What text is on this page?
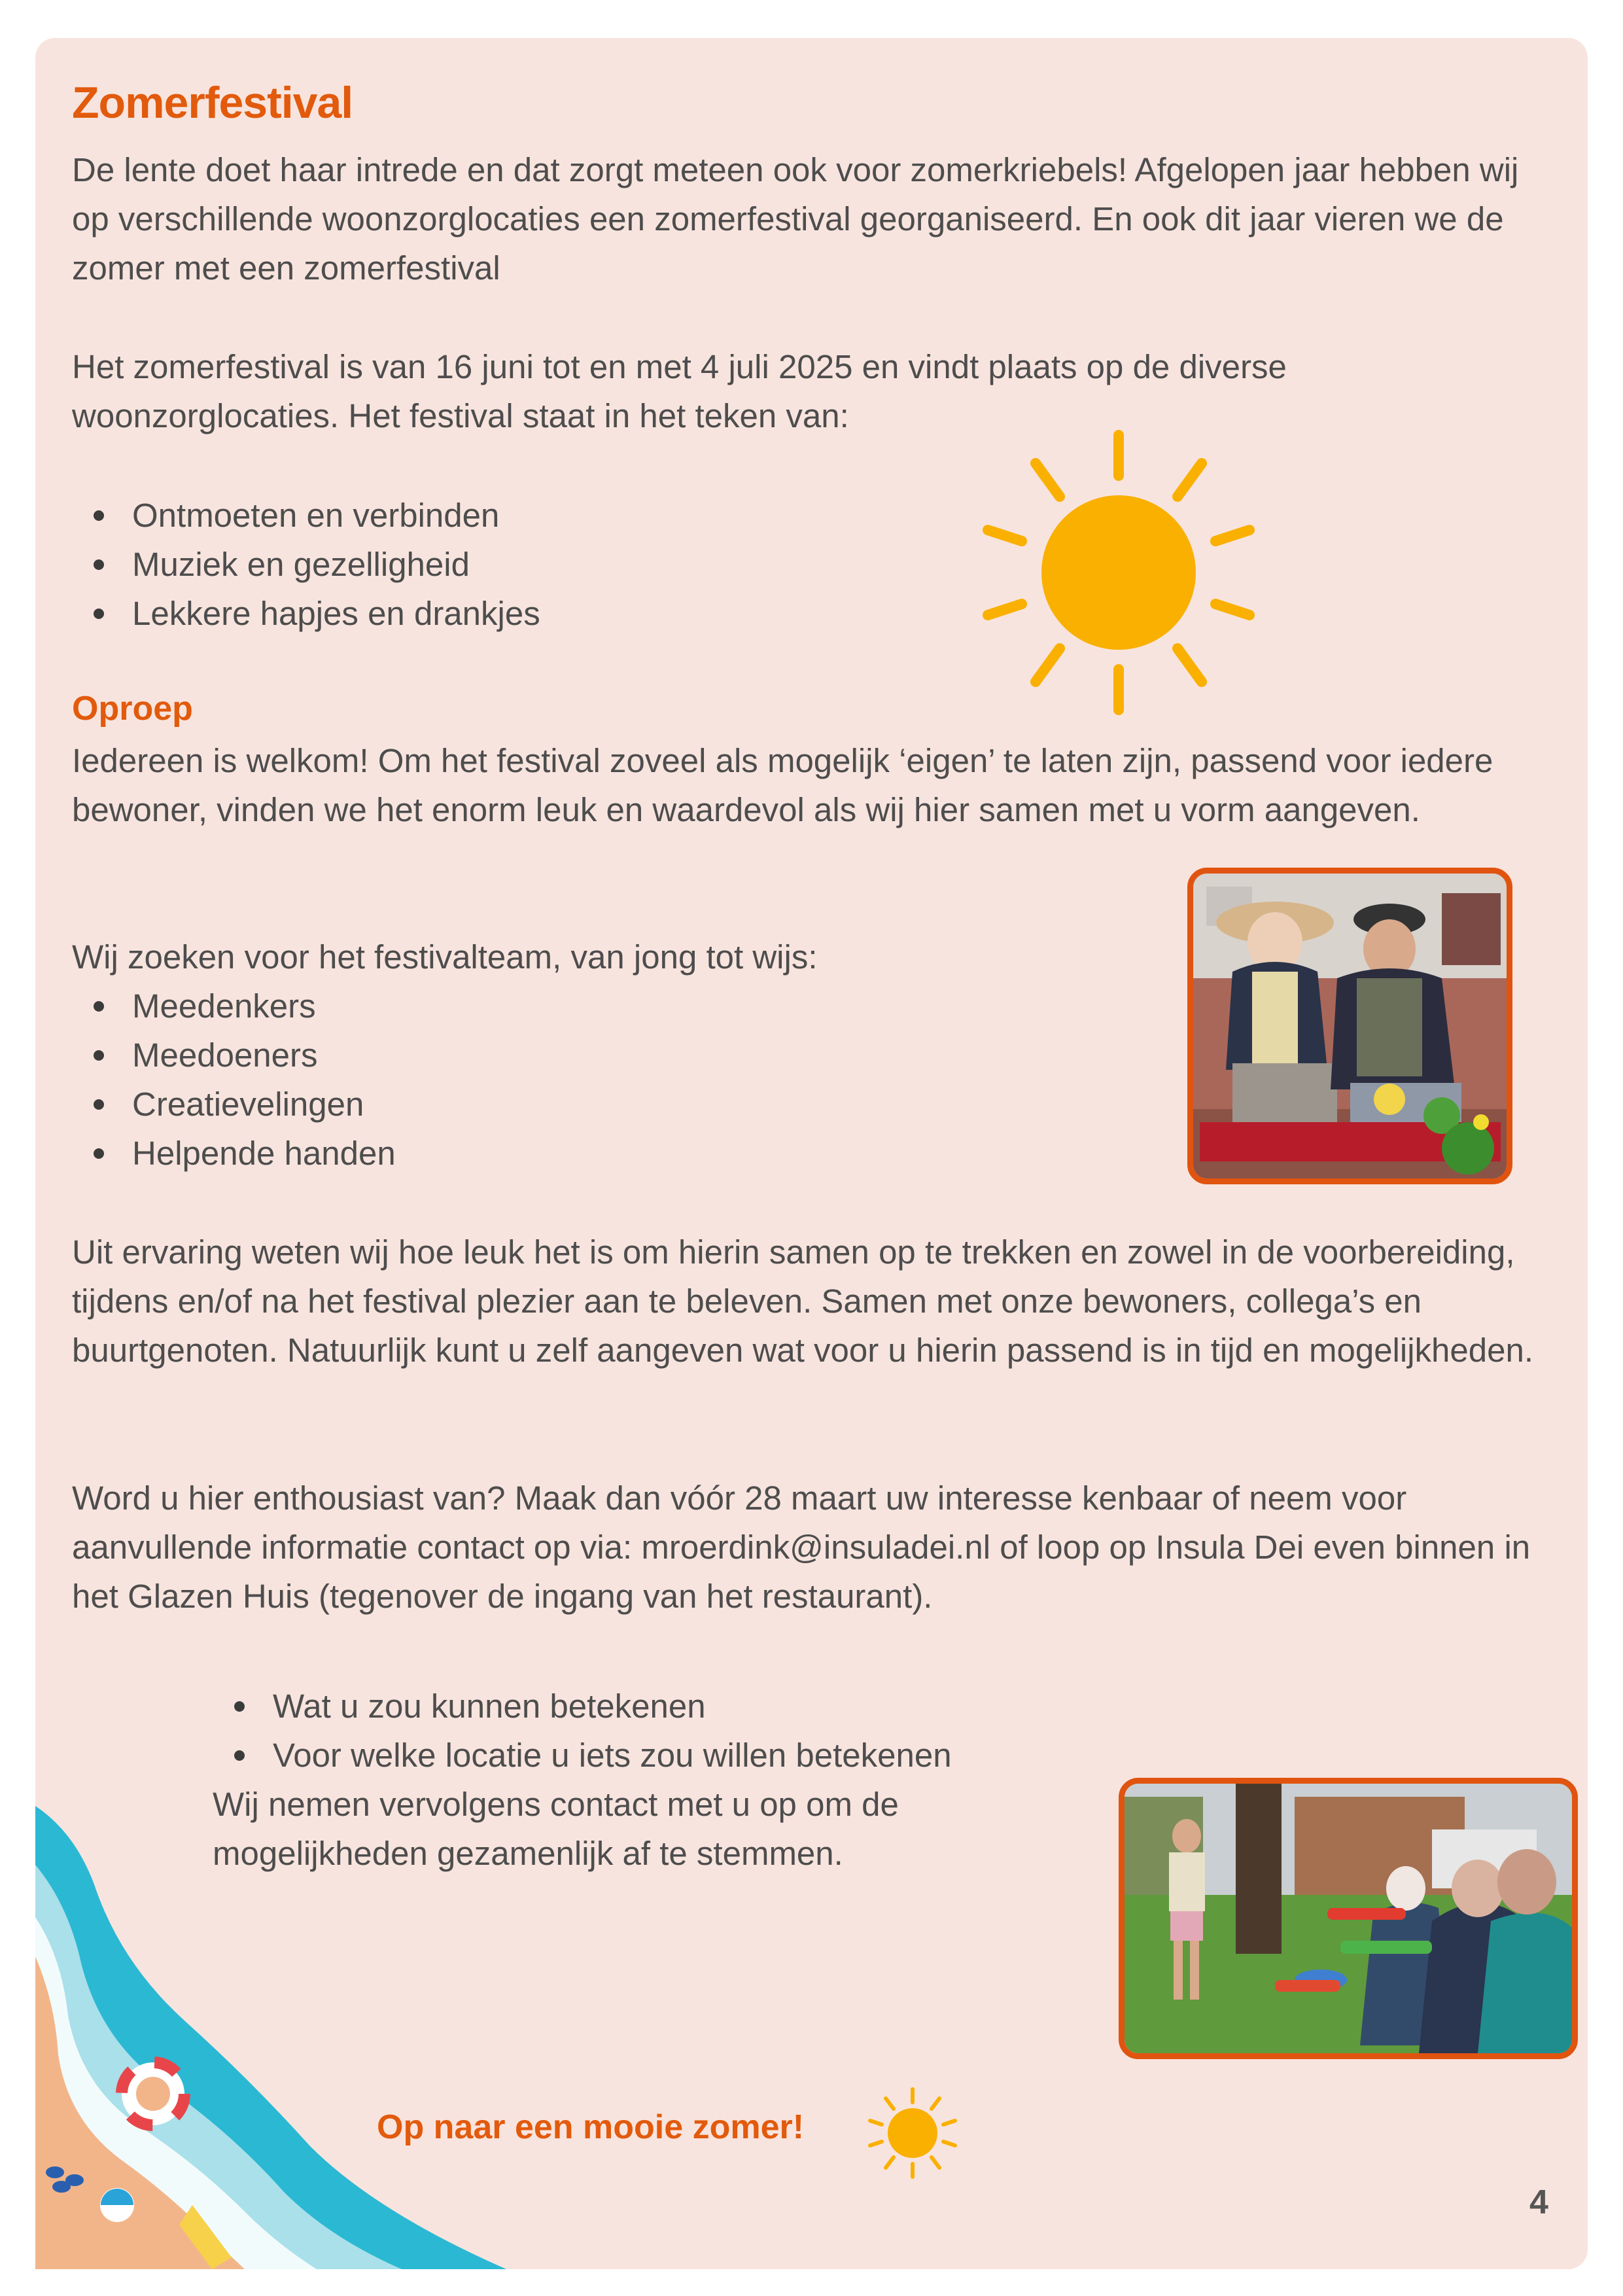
Zomerfestival

De lente doet haar intrede en dat zorgt meteen ook voor zomerkriebels! Afgelopen jaar hebben wij op verschillende woonzorglocaties een zomerfestival georganiseerd. En ook dit jaar vieren we de zomer met een zomerfestival

Het zomerfestival is van 16 juni tot en met 4 juli 2025 en vindt plaats op de diverse woonzorglocaties. Het festival staat in het teken van:

Ontmoeten en verbinden
Muziek en gezelligheid
Lekkere hapjes en drankjes
Oproep

Iedereen is welkom! Om het festival zoveel als mogelijk ‘eigen’ te laten zijn, passend voor iedere bewoner, vinden we het enorm leuk en waardevol als wij hier samen met u vorm aangeven.

Wij zoeken voor het festivalteam, van jong tot wijs:

Meedenkers
Meedoeners
Creatievelingen
Helpende handen

Uit ervaring weten wij hoe leuk het is om hierin samen op te trekken en zowel in de voorbereiding, tijdens en/of na het festival plezier aan te beleven. Samen met onze bewoners, collega’s en buurtgenoten. Natuurlijk kunt u zelf aangeven wat voor u hierin passend is in tijd en mogelijkheden.

Word u hier enthousiast van? Maak dan vóór 28 maart uw interesse kenbaar of neem voor aanvullende informatie contact op via: mroerdink@insuladei.nl of loop op Insula Dei even binnen in het Glazen Huis (tegenover de ingang van het restaurant).

Wat u zou kunnen betekenen
Voor welke locatie u iets zou willen betekenen

Wij nemen vervolgens contact met u op om de mogelijkheden gezamenlijk af te stemmen.

Op naar een mooie zomer!
4
